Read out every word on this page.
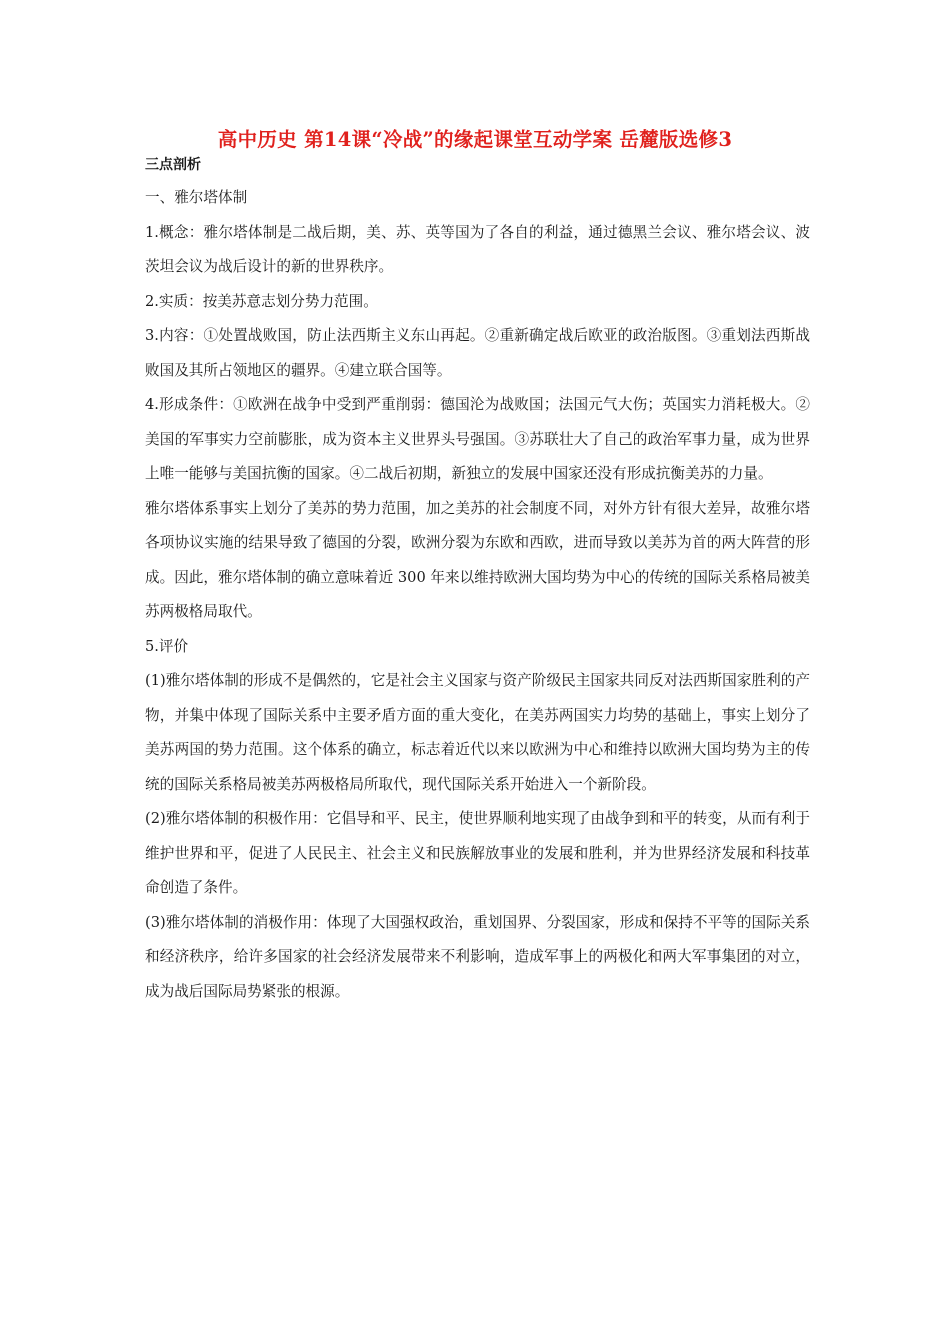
高中历史 第14课“冷战”的缘起课堂互动学案 岳麓版选修3
三点剖析

一、雅尔塔体制

1.概念：雅尔塔体制是二战后期，美、苏、英等国为了各自的利益，通过德黑兰会议、雅尔塔会议、波茨坦会议为战后设计的新的世界秩序。

2.实质：按美苏意志划分势力范围。

3.内容：①处置战败国，防止法西斯主义东山再起。②重新确定战后欧亚的政治版图。③重划法西斯战败国及其所占领地区的疆界。④建立联合国等。

4.形成条件：①欧洲在战争中受到严重削弱：德国沦为战败国；法国元气大伤；英国实力消耗极大。②美国的军事实力空前膨胀，成为资本主义世界头号强国。③苏联壮大了自己的政治军事力量，成为世界上唯一能够与美国抗衡的国家。④二战后初期，新独立的发展中国家还没有形成抗衡美苏的力量。

雅尔塔体系事实上划分了美苏的势力范围，加之美苏的社会制度不同，对外方针有很大差异，故雅尔塔各项协议实施的结果导致了德国的分裂，欧洲分裂为东欧和西欧，进而导致以美苏为首的两大阵营的形成。因此，雅尔塔体制的确立意味着近 300 年来以维持欧洲大国均势为中心的传统的国际关系格局被美苏两极格局取代。

5.评价

(1)雅尔塔体制的形成不是偶然的，它是社会主义国家与资产阶级民主国家共同反对法西斯国家胜利的产物，并集中体现了国际关系中主要矛盾方面的重大变化，在美苏两国实力均势的基础上，事实上划分了美苏两国的势力范围。这个体系的确立，标志着近代以来以欧洲为中心和维持以欧洲大国均势为主的传统的国际关系格局被美苏两极格局所取代，现代国际关系开始进入一个新阶段。

(2)雅尔塔体制的积极作用：它倡导和平、民主，使世界顺利地实现了由战争到和平的转变，从而有利于维护世界和平，促进了人民民主、社会主义和民族解放事业的发展和胜利，并为世界经济发展和科技革命创造了条件。

(3)雅尔塔体制的消极作用：体现了大国强权政治，重划国界、分裂国家，形成和保持不平等的国际关系和经济秩序，给许多国家的社会经济发展带来不利影响，造成军事上的两极化和两大军事集团的对立，成为战后国际局势紧张的根源。
